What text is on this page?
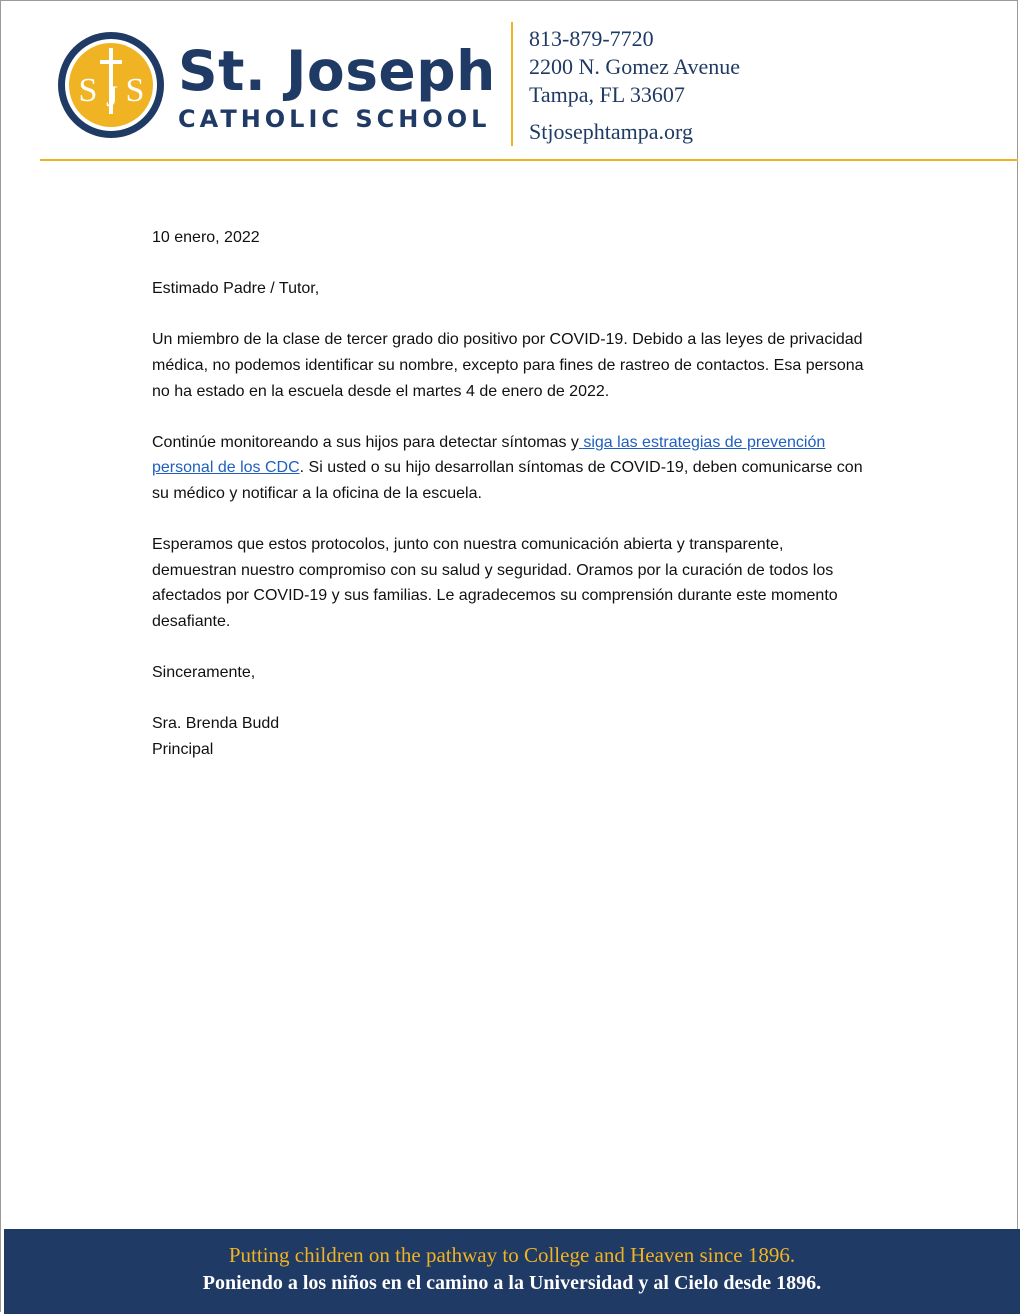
S J S St. Joseph
CATHOLIC SCHOOL
813-879-7720
2200 N. Gomez Avenue
Tampa, FL 33607
Stjosephtampa.org

10 enero, 2022

Estimado Padre / Tutor,

Un miembro de la clase de tercer grado dio positivo por COVID-19. Debido a las leyes de privacidad médica, no podemos identificar su nombre, excepto para fines de rastreo de contactos. Esa persona no ha estado en la escuela desde el martes 4 de enero de 2022.

Continúe monitoreando a sus hijos para detectar síntomas y siga las estrategias de prevención personal de los CDC. Si usted o su hijo desarrollan síntomas de COVID-19, deben comunicarse con su médico y notificar a la oficina de la escuela.

Esperamos que estos protocolos, junto con nuestra comunicación abierta y transparente, demuestran nuestro compromiso con su salud y seguridad. Oramos por la curación de todos los afectados por COVID-19 y sus familias. Le agradecemos su comprensión durante este momento desafiante.

Sinceramente,

Sra. Brenda Budd

Principal

Putting children on the pathway to College and Heaven since 1896.
Poniendo a los niños en el camino a la Universidad y al Cielo desde 1896.
